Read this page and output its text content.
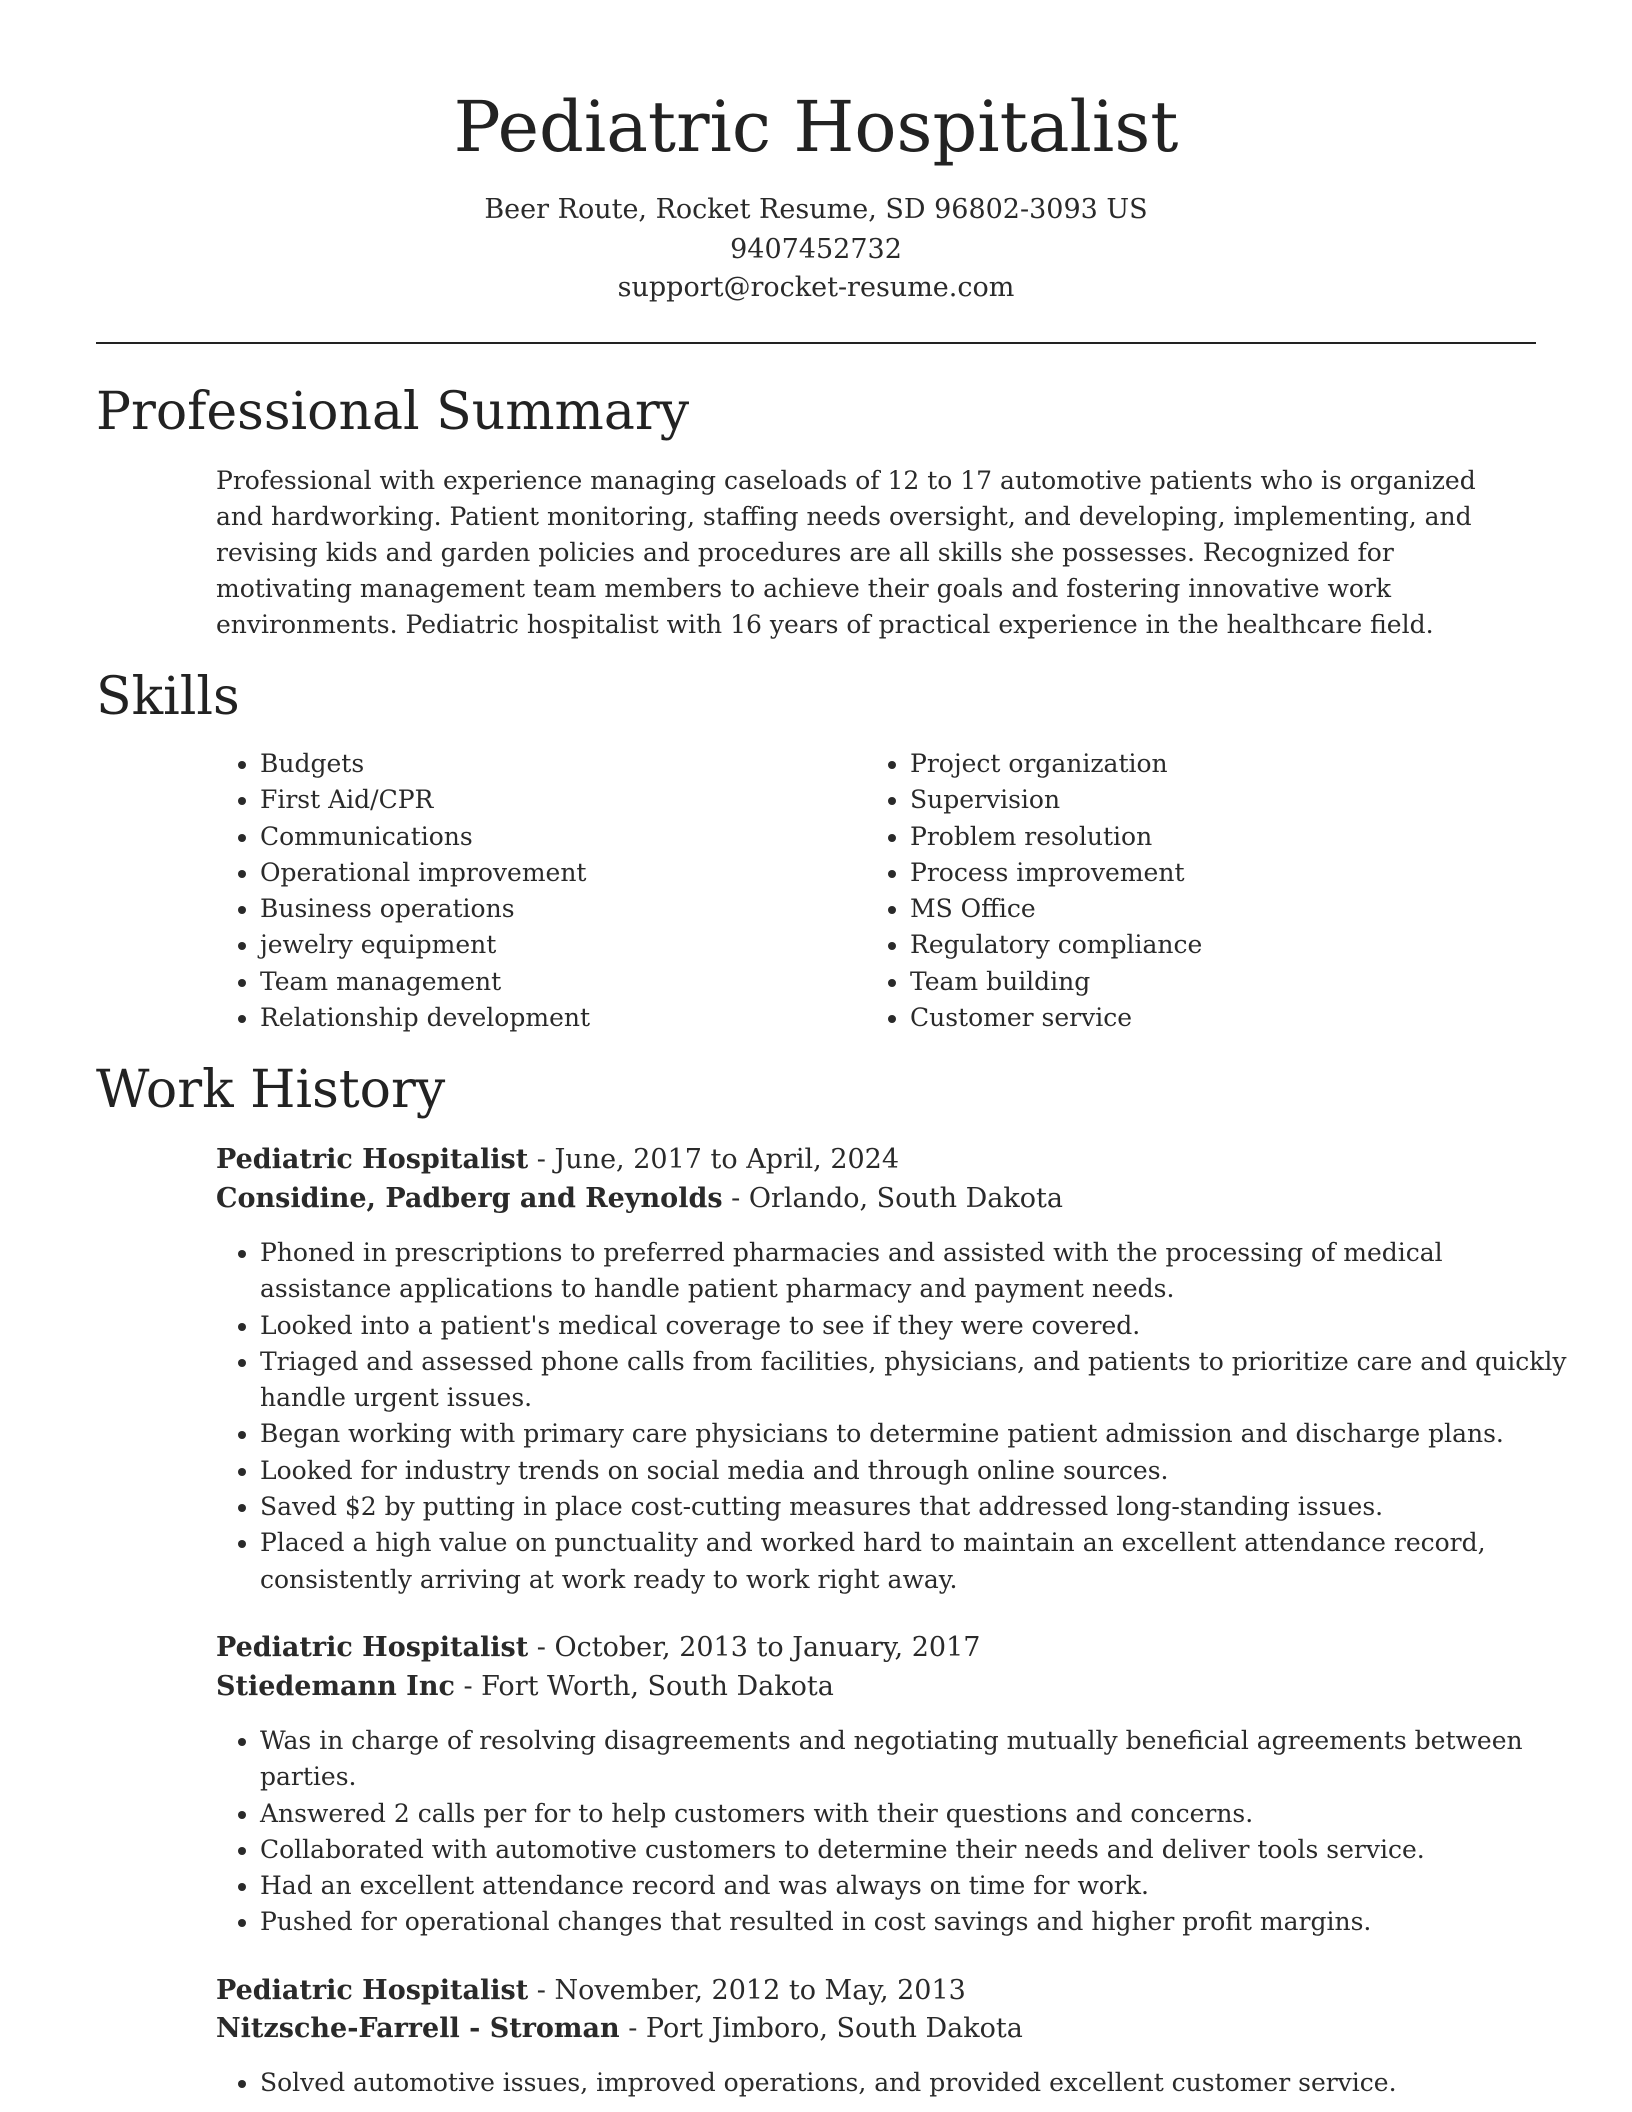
Pediatric Hospitalist
Beer Route, Rocket Resume, SD 96802-3093 US
9407452732
support@rocket-resume.com
Professional Summary
Professional with experience managing caseloads of 12 to 17 automotive patients who is organized and hardworking. Patient monitoring, staffing needs oversight, and developing, implementing, and revising kids and garden policies and procedures are all skills she possesses. Recognized for motivating management team members to achieve their goals and fostering innovative work environments. Pediatric hospitalist with 16 years of practical experience in the healthcare field.
Skills
• Budgets
• First Aid/CPR
• Communications
• Operational improvement
• Business operations
• jewelry equipment
• Team management
• Relationship development
• Project organization
• Supervision
• Problem resolution
• Process improvement
• MS Office
• Regulatory compliance
• Team building
• Customer service
Work History
Pediatric Hospitalist - June, 2017 to April, 2024
Considine, Padberg and Reynolds - Orlando, South Dakota
• Phoned in prescriptions to preferred pharmacies and assisted with the processing of medical assistance applications to handle patient pharmacy and payment needs.
• Looked into a patient's medical coverage to see if they were covered.
• Triaged and assessed phone calls from facilities, physicians, and patients to prioritize care and quickly handle urgent issues.
• Began working with primary care physicians to determine patient admission and discharge plans.
• Looked for industry trends on social media and through online sources.
• Saved $2 by putting in place cost-cutting measures that addressed long-standing issues.
• Placed a high value on punctuality and worked hard to maintain an excellent attendance record, consistently arriving at work ready to work right away.
Pediatric Hospitalist - October, 2013 to January, 2017
Stiedemann Inc - Fort Worth, South Dakota
• Was in charge of resolving disagreements and negotiating mutually beneficial agreements between parties.
• Answered 2 calls per for to help customers with their questions and concerns.
• Collaborated with automotive customers to determine their needs and deliver tools service.
• Had an excellent attendance record and was always on time for work.
• Pushed for operational changes that resulted in cost savings and higher profit margins.
Pediatric Hospitalist - November, 2012 to May, 2013
Nitzsche-Farrell - Stroman - Port Jimboro, South Dakota
• Solved automotive issues, improved operations, and provided excellent customer service.
